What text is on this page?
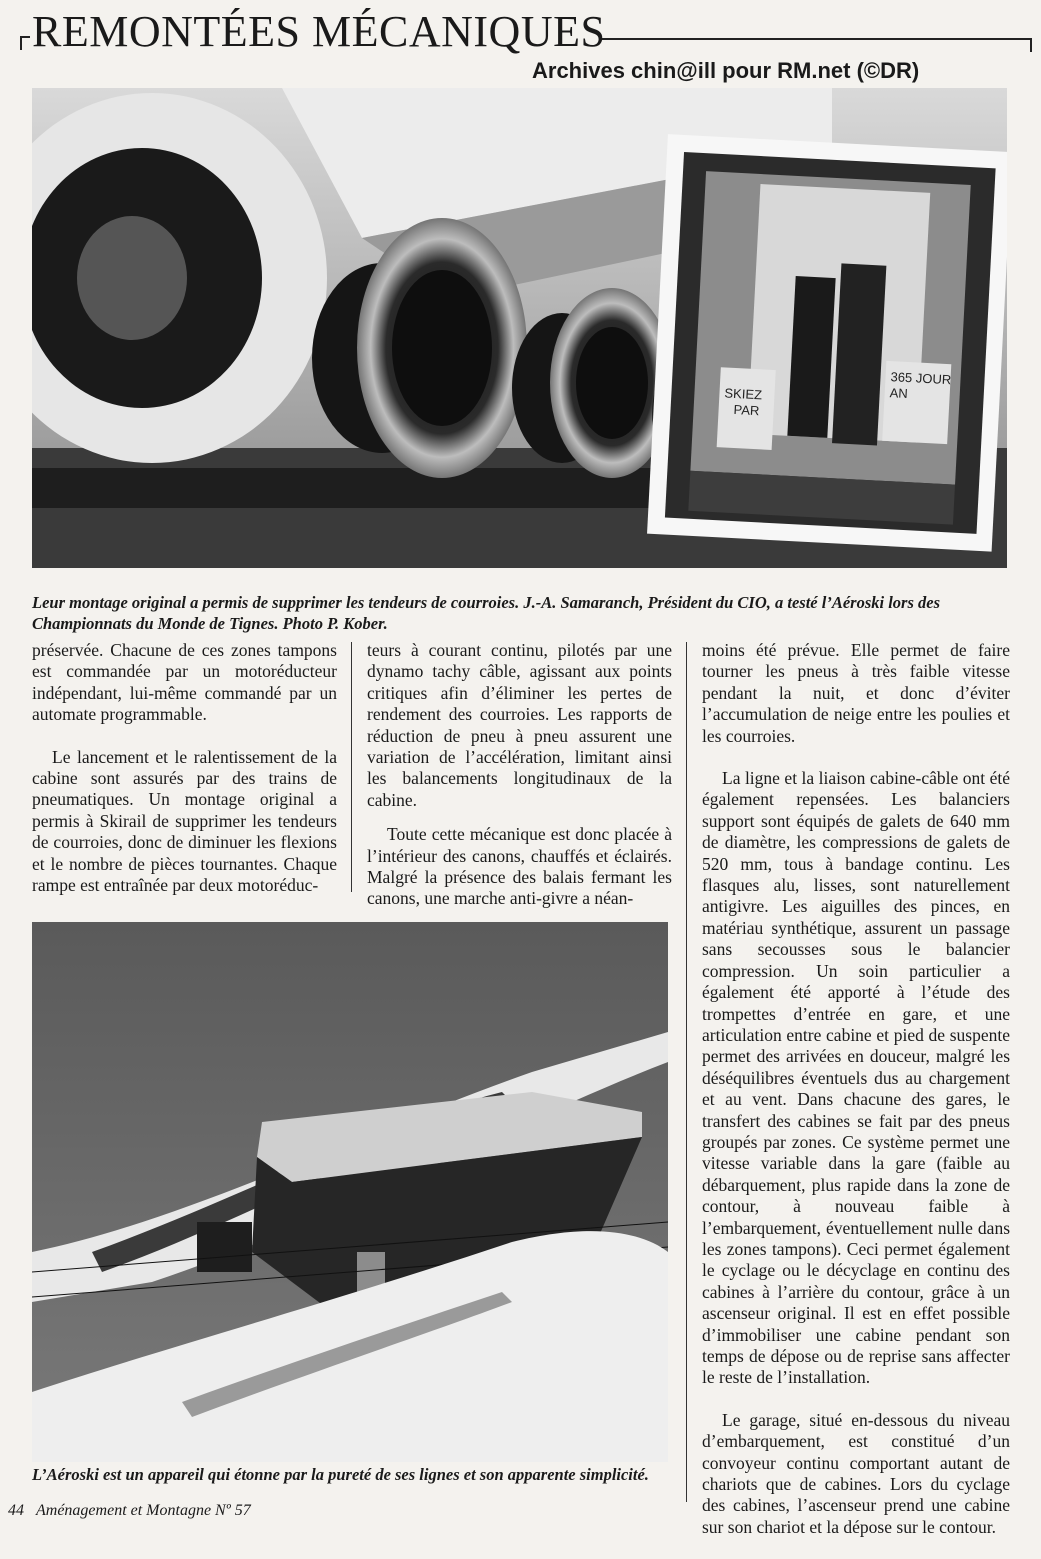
REMONTÉES MÉCANIQUES
Archives chin@ill pour RM.net (©DR)
SKIEZ
PAR
365 JOUR
AN
Leur montage original a permis de supprimer les tendeurs de courroies. J.-A. Samaranch, Président du CIO, a testé l’Aéroski lors des Championnats du Monde de Tignes. Photo P. Kober.

préservée. Chacune de ces zones tampons est commandée par un motoréducteur indépendant, lui-même commandé par un automate programmable.

Le lancement et le ralentissement de la cabine sont assurés par des trains de pneumatiques. Un montage original a permis à Skirail de supprimer les tendeurs de courroies, donc de diminuer les flexions et le nombre de pièces tournantes. Chaque rampe est entraînée par deux motoréduc-

teurs à courant continu, pilotés par une dynamo tachy câble, agissant aux points critiques afin d’éliminer les pertes de rendement des courroies. Les rapports de réduction de pneu à pneu assurent une variation de l’accélération, limitant ainsi les balancements longitudinaux de la cabine.

Toute cette mécanique est donc placée à l’intérieur des canons, chauffés et éclairés. Malgré la présence des balais fermant les canons, une marche anti-givre a néan-

moins été prévue. Elle permet de faire tourner les pneus à très faible vitesse pendant la nuit, et donc d’éviter l’accumulation de neige entre les poulies et les courroies.

La ligne et la liaison cabine-câble ont été également repensées. Les balanciers support sont équipés de galets de 640 mm de diamètre, les compressions de galets de 520 mm, tous à bandage continu. Les flasques alu, lisses, sont naturellement antigivre. Les aiguilles des pinces, en matériau synthétique, assurent un passage sans secousses sous le balancier compression. Un soin particulier a également été apporté à l’étude des trompettes d’entrée en gare, et une articulation entre cabine et pied de suspente permet des arrivées en douceur, malgré les déséquilibres éventuels dus au chargement et au vent. Dans chacune des gares, le transfert des cabines se fait par des pneus groupés par zones. Ce système permet une vitesse variable dans la gare (faible au débarquement, plus rapide dans la zone de contour, à nouveau faible à l’embarquement, éventuellement nulle dans les zones tampons). Ceci permet également le cyclage ou le décyclage en continu des cabines à l’arrière du contour, grâce à un ascenseur original. Il est en effet possible d’immobiliser une cabine pendant son temps de dépose ou de reprise sans affecter le reste de l’installation.

Le garage, situé en-dessous du niveau d’embarquement, est constitué d’un convoyeur continu comportant autant de chariots que de cabines. Lors du cyclage des cabines, l’ascenseur prend une cabine sur son chariot et la dépose sur le contour.

L’Aéroski est un appareil qui étonne par la pureté de ses lignes et son apparente simplicité.
44 Aménagement et Montagne Nº 57
